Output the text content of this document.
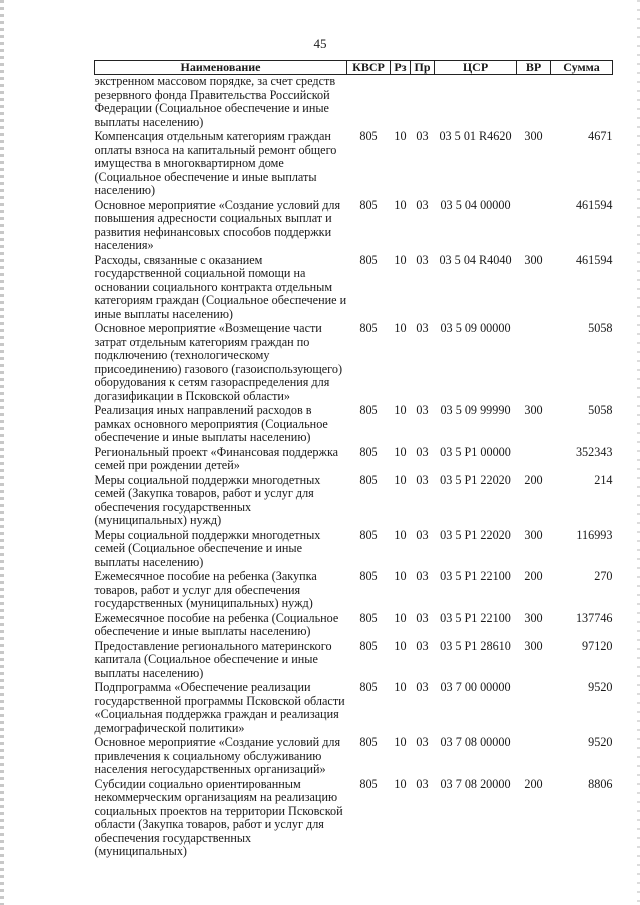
45
Наименование	КВСР	Рз	Пр	ЦСР	ВР	Сумма
экстренном массовом порядке, за счет средств резервного фонда Правительства Российской Федерации (Социальное обеспечение и иные выплаты населению)						
Компенсация отдельным категориям граждан оплаты взноса на капитальный ремонт общего имущества в многоквартирном доме (Социальное обеспечение и иные выплаты населению)	805	10	03	03 5 01 R4620	300	4671
Основное мероприятие «Создание условий для повышения адресности социальных выплат и развития нефинансовых способов поддержки населения»	805	10	03	03 5 04 00000		461594
Расходы, связанные с оказанием государственной социальной помощи на основании социального контракта отдельным категориям граждан (Социальное обеспечение и иные выплаты населению)	805	10	03	03 5 04 R4040	300	461594
Основное мероприятие «Возмещение части затрат отдельным категориям граждан по подключению (технологическому присоединению) газового (газоиспользующего) оборудования к сетям газораспределения для догазификации в Псковской области»	805	10	03	03 5 09 00000		5058
Реализация иных направлений расходов в рамках основного мероприятия (Социальное обеспечение и иные выплаты населению)	805	10	03	03 5 09 99990	300	5058
Региональный проект «Финансовая поддержка семей при рождении детей»	805	10	03	03 5 P1 00000		352343
Меры социальной поддержки многодетных семей (Закупка товаров, работ и услуг для обеспечения государственных (муниципальных) нужд)	805	10	03	03 5 P1 22020	200	214
Меры социальной поддержки многодетных семей (Социальное обеспечение и иные выплаты населению)	805	10	03	03 5 P1 22020	300	116993
Ежемесячное пособие на ребенка (Закупка товаров, работ и услуг для обеспечения государственных (муниципальных) нужд)	805	10	03	03 5 P1 22100	200	270
Ежемесячное пособие на ребенка (Социальное обеспечение и иные выплаты населению)	805	10	03	03 5 P1 22100	300	137746
Предоставление регионального материнского капитала (Социальное обеспечение и иные выплаты населению)	805	10	03	03 5 P1 28610	300	97120
Подпрограмма «Обеспечение реализации государственной программы Псковской области «Социальная поддержка граждан и реализация демографической политики»	805	10	03	03 7 00 00000		9520
Основное мероприятие «Создание условий для привлечения к социальному обслуживанию населения негосударственных организаций»	805	10	03	03 7 08 00000		9520
Субсидии социально ориентированным некоммерческим организациям на реализацию социальных проектов на территории Псковской области (Закупка товаров, работ и услуг для обеспечения государственных (муниципальных)	805	10	03	03 7 08 20000	200	8806
